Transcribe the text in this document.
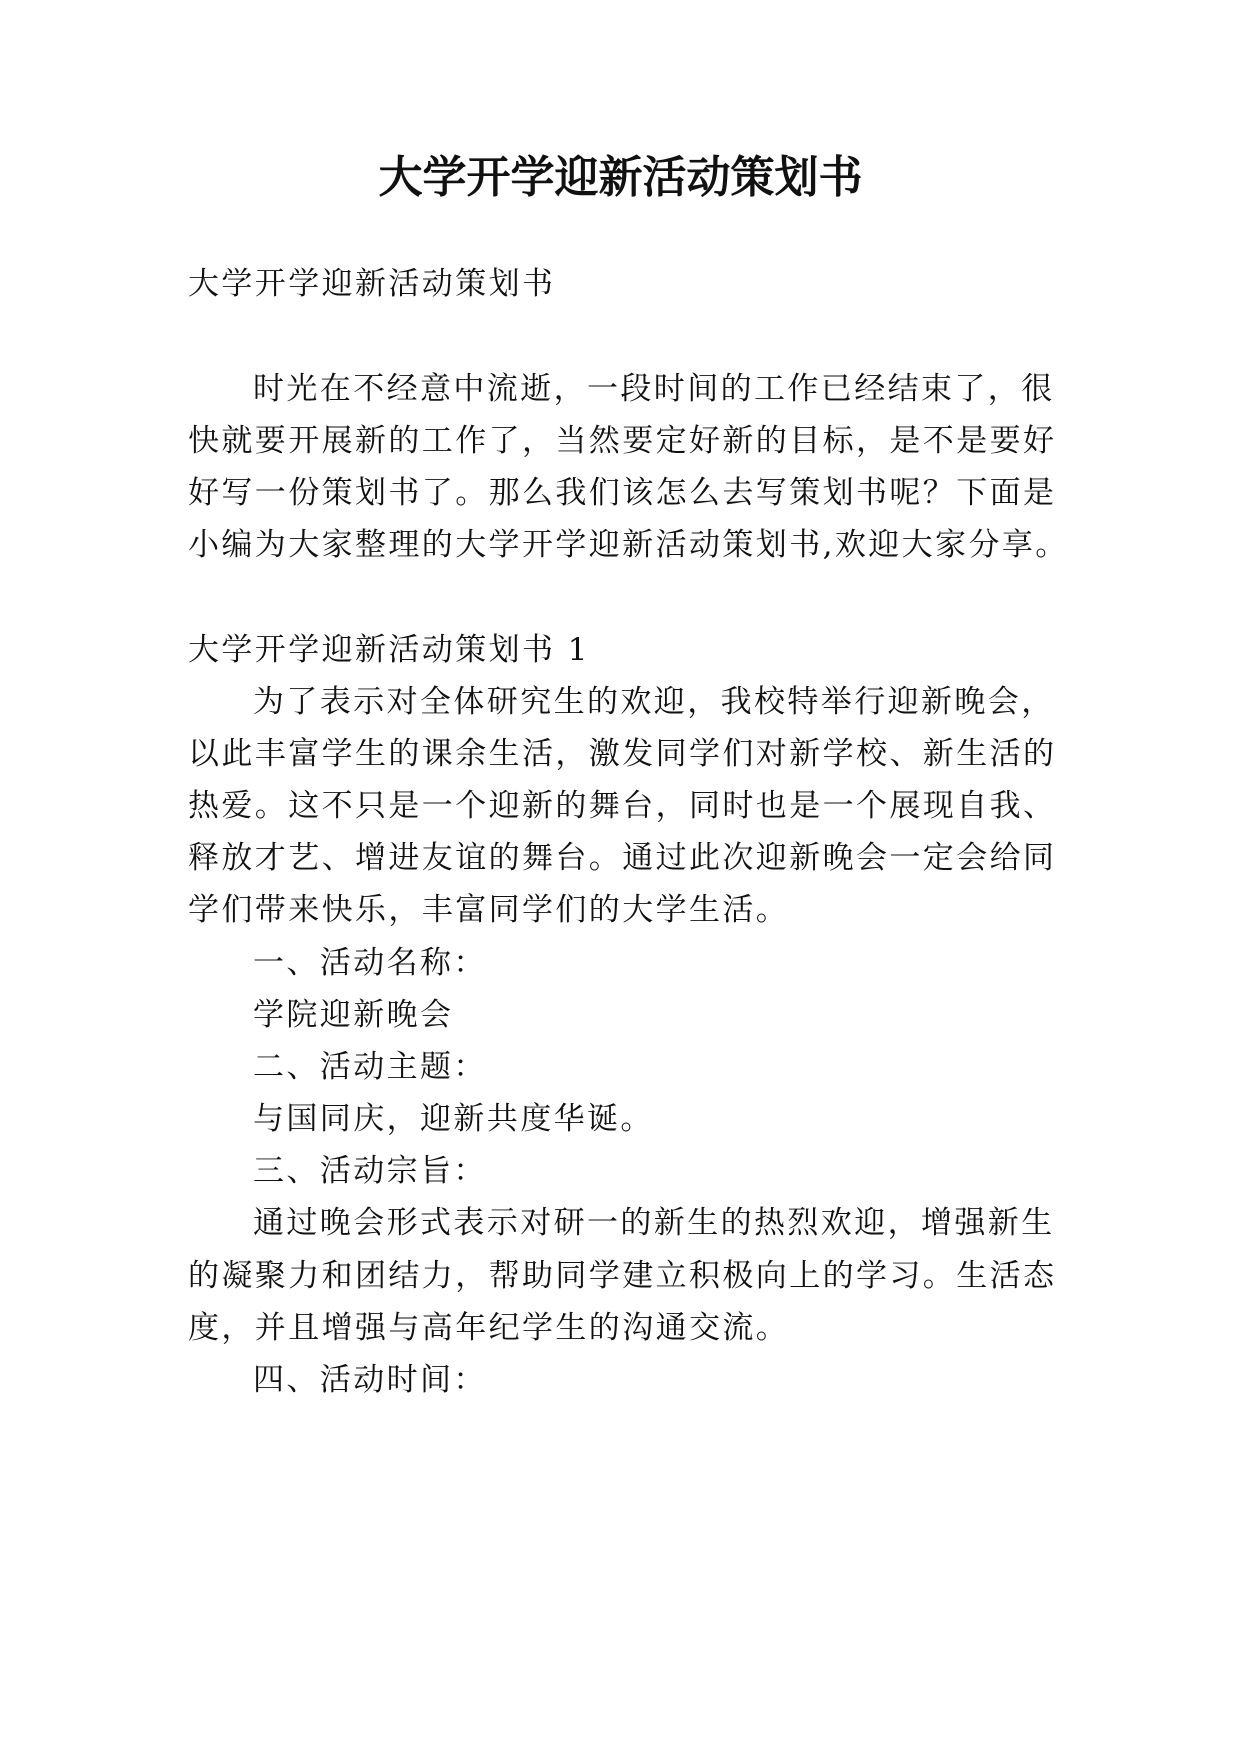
大学开学迎新活动策划书
大学开学迎新活动策划书
时光在不经意中流逝，一段时间的工作已经结束了，很
快就要开展新的工作了，当然要定好新的目标，是不是要好
好写一份策划书了。那么我们该怎么去写策划书呢？下面是
小编为大家整理的大学开学迎新活动策划书,欢迎大家分享。
大学开学迎新活动策划书 1
为了表示对全体研究生的欢迎，我校特举行迎新晚会，
以此丰富学生的课余生活，激发同学们对新学校、新生活的
热爱。这不只是一个迎新的舞台，同时也是一个展现自我、
释放才艺、增进友谊的舞台。通过此次迎新晚会一定会给同
学们带来快乐，丰富同学们的大学生活。
一、活动名称：
学院迎新晚会
二、活动主题：
与国同庆，迎新共度华诞。
三、活动宗旨：
通过晚会形式表示对研一的新生的热烈欢迎，增强新生
的凝聚力和团结力，帮助同学建立积极向上的学习。生活态
度，并且增强与高年纪学生的沟通交流。
四、活动时间：
